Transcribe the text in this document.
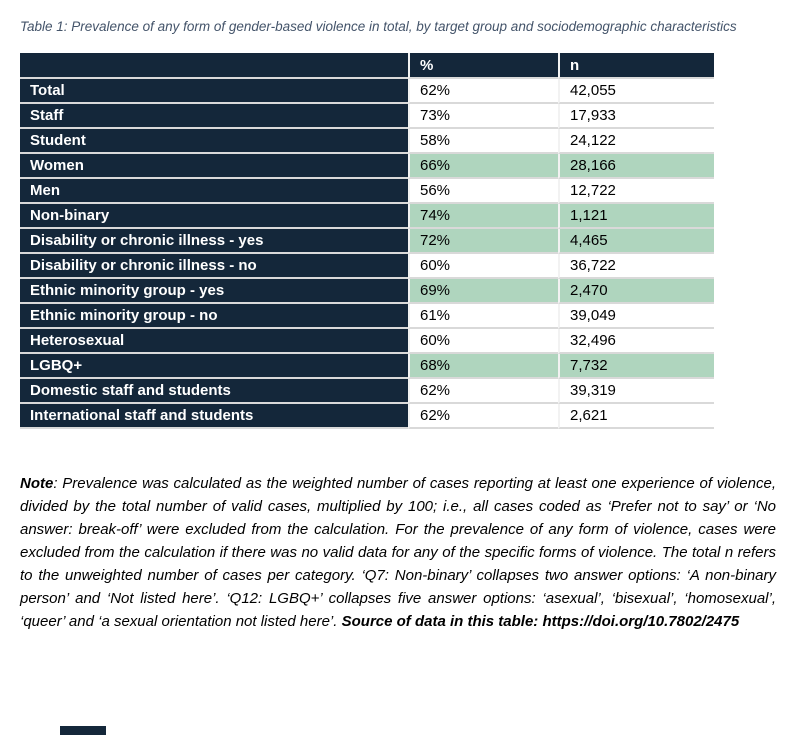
Table 1: Prevalence of any form of gender-based violence in total, by target group and sociodemographic characteristics

	%	n
Total	62%	42,055
Staff	73%	17,933
Student	58%	24,122
Women	66%	28,166
Men	56%	12,722
Non-binary	74%	1,121
Disability or chronic illness - yes	72%	4,465
Disability or chronic illness - no	60%	36,722
Ethnic minority group - yes	69%	2,470
Ethnic minority group - no	61%	39,049
Heterosexual	60%	32,496
LGBQ+	68%	7,732
Domestic staff and students	62%	39,319
International staff and students	62%	2,621

Note: Prevalence was calculated as the weighted number of cases reporting at least one experience of violence, divided by the total number of valid cases, multiplied by 100; i.e., all cases coded as ‘Prefer not to say’ or ‘No answer: break-off’ were excluded from the calculation. For the prevalence of any form of violence, cases were excluded from the calculation if there was no valid data for any of the specific forms of violence. The total n refers to the unweighted number of cases per category. ‘Q7: Non-binary’ collapses two answer options: ‘A non-binary person’ and ‘Not listed here’. ‘Q12: LGBQ+’ collapses five answer options: ‘asexual’, ‘bisexual’, ‘homosexual’, ‘queer’ and ‘a sexual orientation not listed here’. Source of data in this table: https://doi.org/10.7802/2475
